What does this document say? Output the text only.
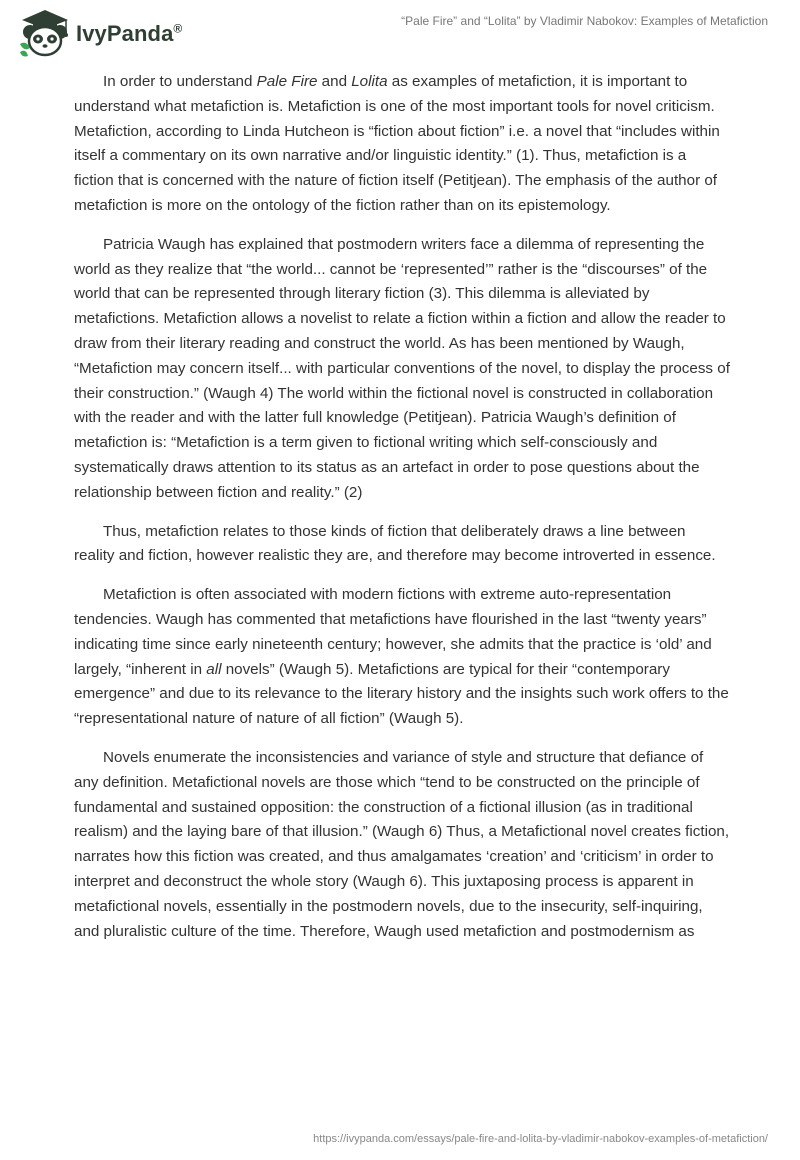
IvyPanda®
“Pale Fire” and “Lolita” by Vladimir Nabokov: Examples of Metafiction

In order to understand Pale Fire and Lolita as examples of metafiction, it is important to understand what metafiction is. Metafiction is one of the most important tools for novel criticism. Metafiction, according to Linda Hutcheon is “fiction about fiction” i.e. a novel that “includes within itself a commentary on its own narrative and/or linguistic identity.” (1). Thus, metafiction is a fiction that is concerned with the nature of fiction itself (Petitjean). The emphasis of the author of metafiction is more on the ontology of the fiction rather than on its epistemology.

Patricia Waugh has explained that postmodern writers face a dilemma of representing the world as they realize that “the world... cannot be ‘represented’” rather is the “discourses” of the world that can be represented through literary fiction (3). This dilemma is alleviated by metafictions. Metafiction allows a novelist to relate a fiction within a fiction and allow the reader to draw from their literary reading and construct the world. As has been mentioned by Waugh, “Metafiction may concern itself... with particular conventions of the novel, to display the process of their construction.” (Waugh 4) The world within the fictional novel is constructed in collaboration with the reader and with the latter full knowledge (Petitjean). Patricia Waugh’s definition of metafiction is: “Metafiction is a term given to fictional writing which self-consciously and systematically draws attention to its status as an artefact in order to pose questions about the relationship between fiction and reality.” (2)

Thus, metafiction relates to those kinds of fiction that deliberately draws a line between reality and fiction, however realistic they are, and therefore may become introverted in essence.

Metafiction is often associated with modern fictions with extreme auto-representation tendencies. Waugh has commented that metafictions have flourished in the last “twenty years” indicating time since early nineteenth century; however, she admits that the practice is ‘old’ and largely, “inherent in all novels” (Waugh 5). Metafictions are typical for their “contemporary emergence” and due to its relevance to the literary history and the insights such work offers to the “representational nature of nature of all fiction” (Waugh 5).

Novels enumerate the inconsistencies and variance of style and structure that defiance of any definition. Metafictional novels are those which “tend to be constructed on the principle of fundamental and sustained opposition: the construction of a fictional illusion (as in traditional realism) and the laying bare of that illusion.” (Waugh 6) Thus, a Metafictional novel creates fiction, narrates how this fiction was created, and thus amalgamates ‘creation’ and ‘criticism’ in order to interpret and deconstruct the whole story (Waugh 6). This juxtaposing process is apparent in metafictional novels, essentially in the postmodern novels, due to the insecurity, self-inquiring, and pluralistic culture of the time. Therefore, Waugh used metafiction and postmodernism as

https://ivypanda.com/essays/pale-fire-and-lolita-by-vladimir-nabokov-examples-of-metafiction/
